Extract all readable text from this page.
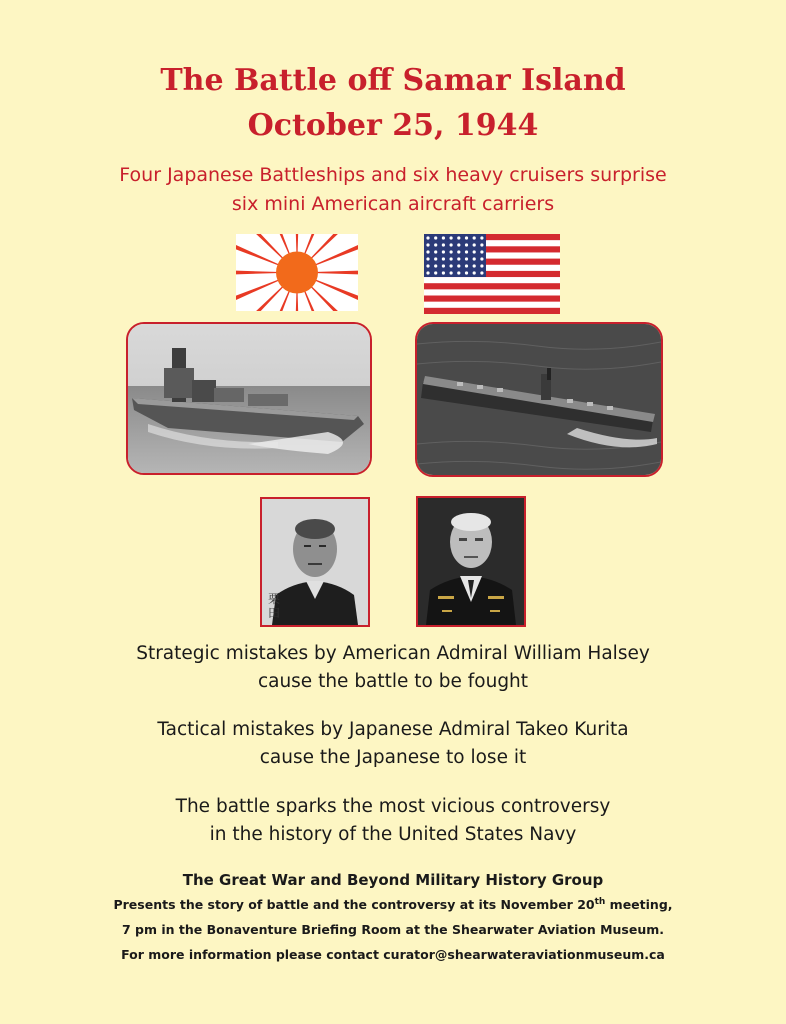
The Battle off Samar Island
October 25, 1944
Four Japanese Battleships and six heavy cruisers surprise
six mini American aircraft carriers
栗
田
Strategic mistakes by American Admiral William Halsey
cause the battle to be fought
Tactical mistakes by Japanese Admiral Takeo Kurita
cause the Japanese to lose it
The battle sparks the most vicious controversy
in the history of the United States Navy
The Great War and Beyond Military History Group
Presents the story of battle and the controversy at its November 20th meeting,
7 pm in the Bonaventure Briefing Room at the Shearwater Aviation Museum.
For more information please contact curator@shearwateraviationmuseum.ca
